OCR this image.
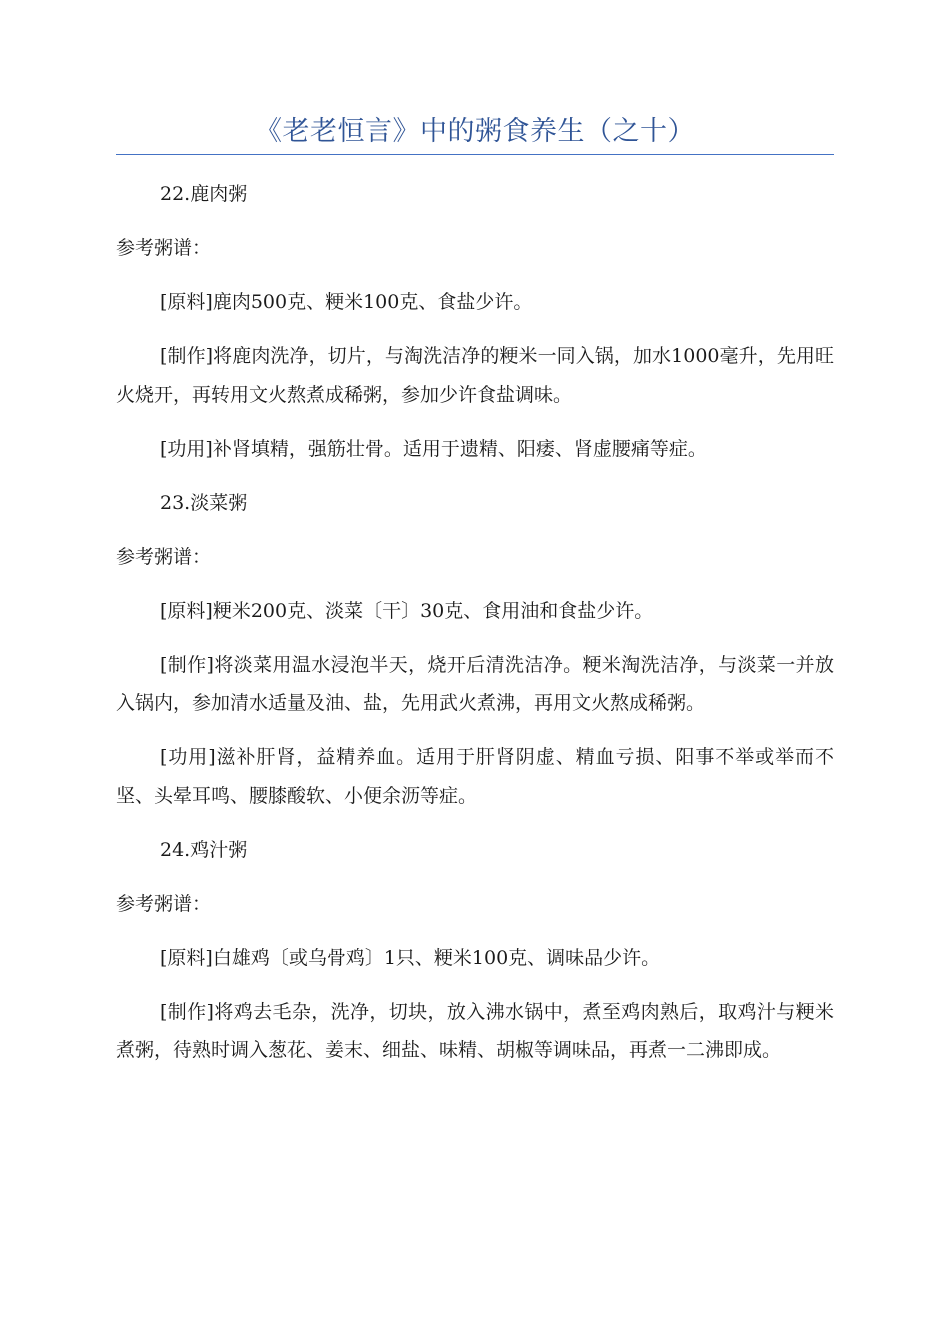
《老老恒言》中的粥食养生（之十）

22.鹿肉粥

参考粥谱：

[原料]鹿肉500克、粳米100克、食盐少许。

[制作]将鹿肉洗净，切片，与淘洗洁净的粳米一同入锅，加水1000毫升，先用旺火烧开，再转用文火熬煮成稀粥，参加少许食盐调味。

[功用]补肾填精，强筋壮骨。适用于遗精、阳痿、肾虚腰痛等症。

23.淡菜粥

参考粥谱：

[原料]粳米200克、淡菜〔干〕30克、食用油和食盐少许。

[制作]将淡菜用温水浸泡半天，烧开后清洗洁净。粳米淘洗洁净，与淡菜一并放入锅内，参加清水适量及油、盐，先用武火煮沸，再用文火熬成稀粥。

[功用]滋补肝肾，益精养血。适用于肝肾阴虚、精血亏损、阳事不举或举而不坚、头晕耳鸣、腰膝酸软、小便余沥等症。

24.鸡汁粥

参考粥谱：

[原料]白雄鸡〔或乌骨鸡〕1只、粳米100克、调味品少许。

[制作]将鸡去毛杂，洗净，切块，放入沸水锅中，煮至鸡肉熟后，取鸡汁与粳米煮粥，待熟时调入葱花、姜末、细盐、味精、胡椒等调味品，再煮一二沸即成。
